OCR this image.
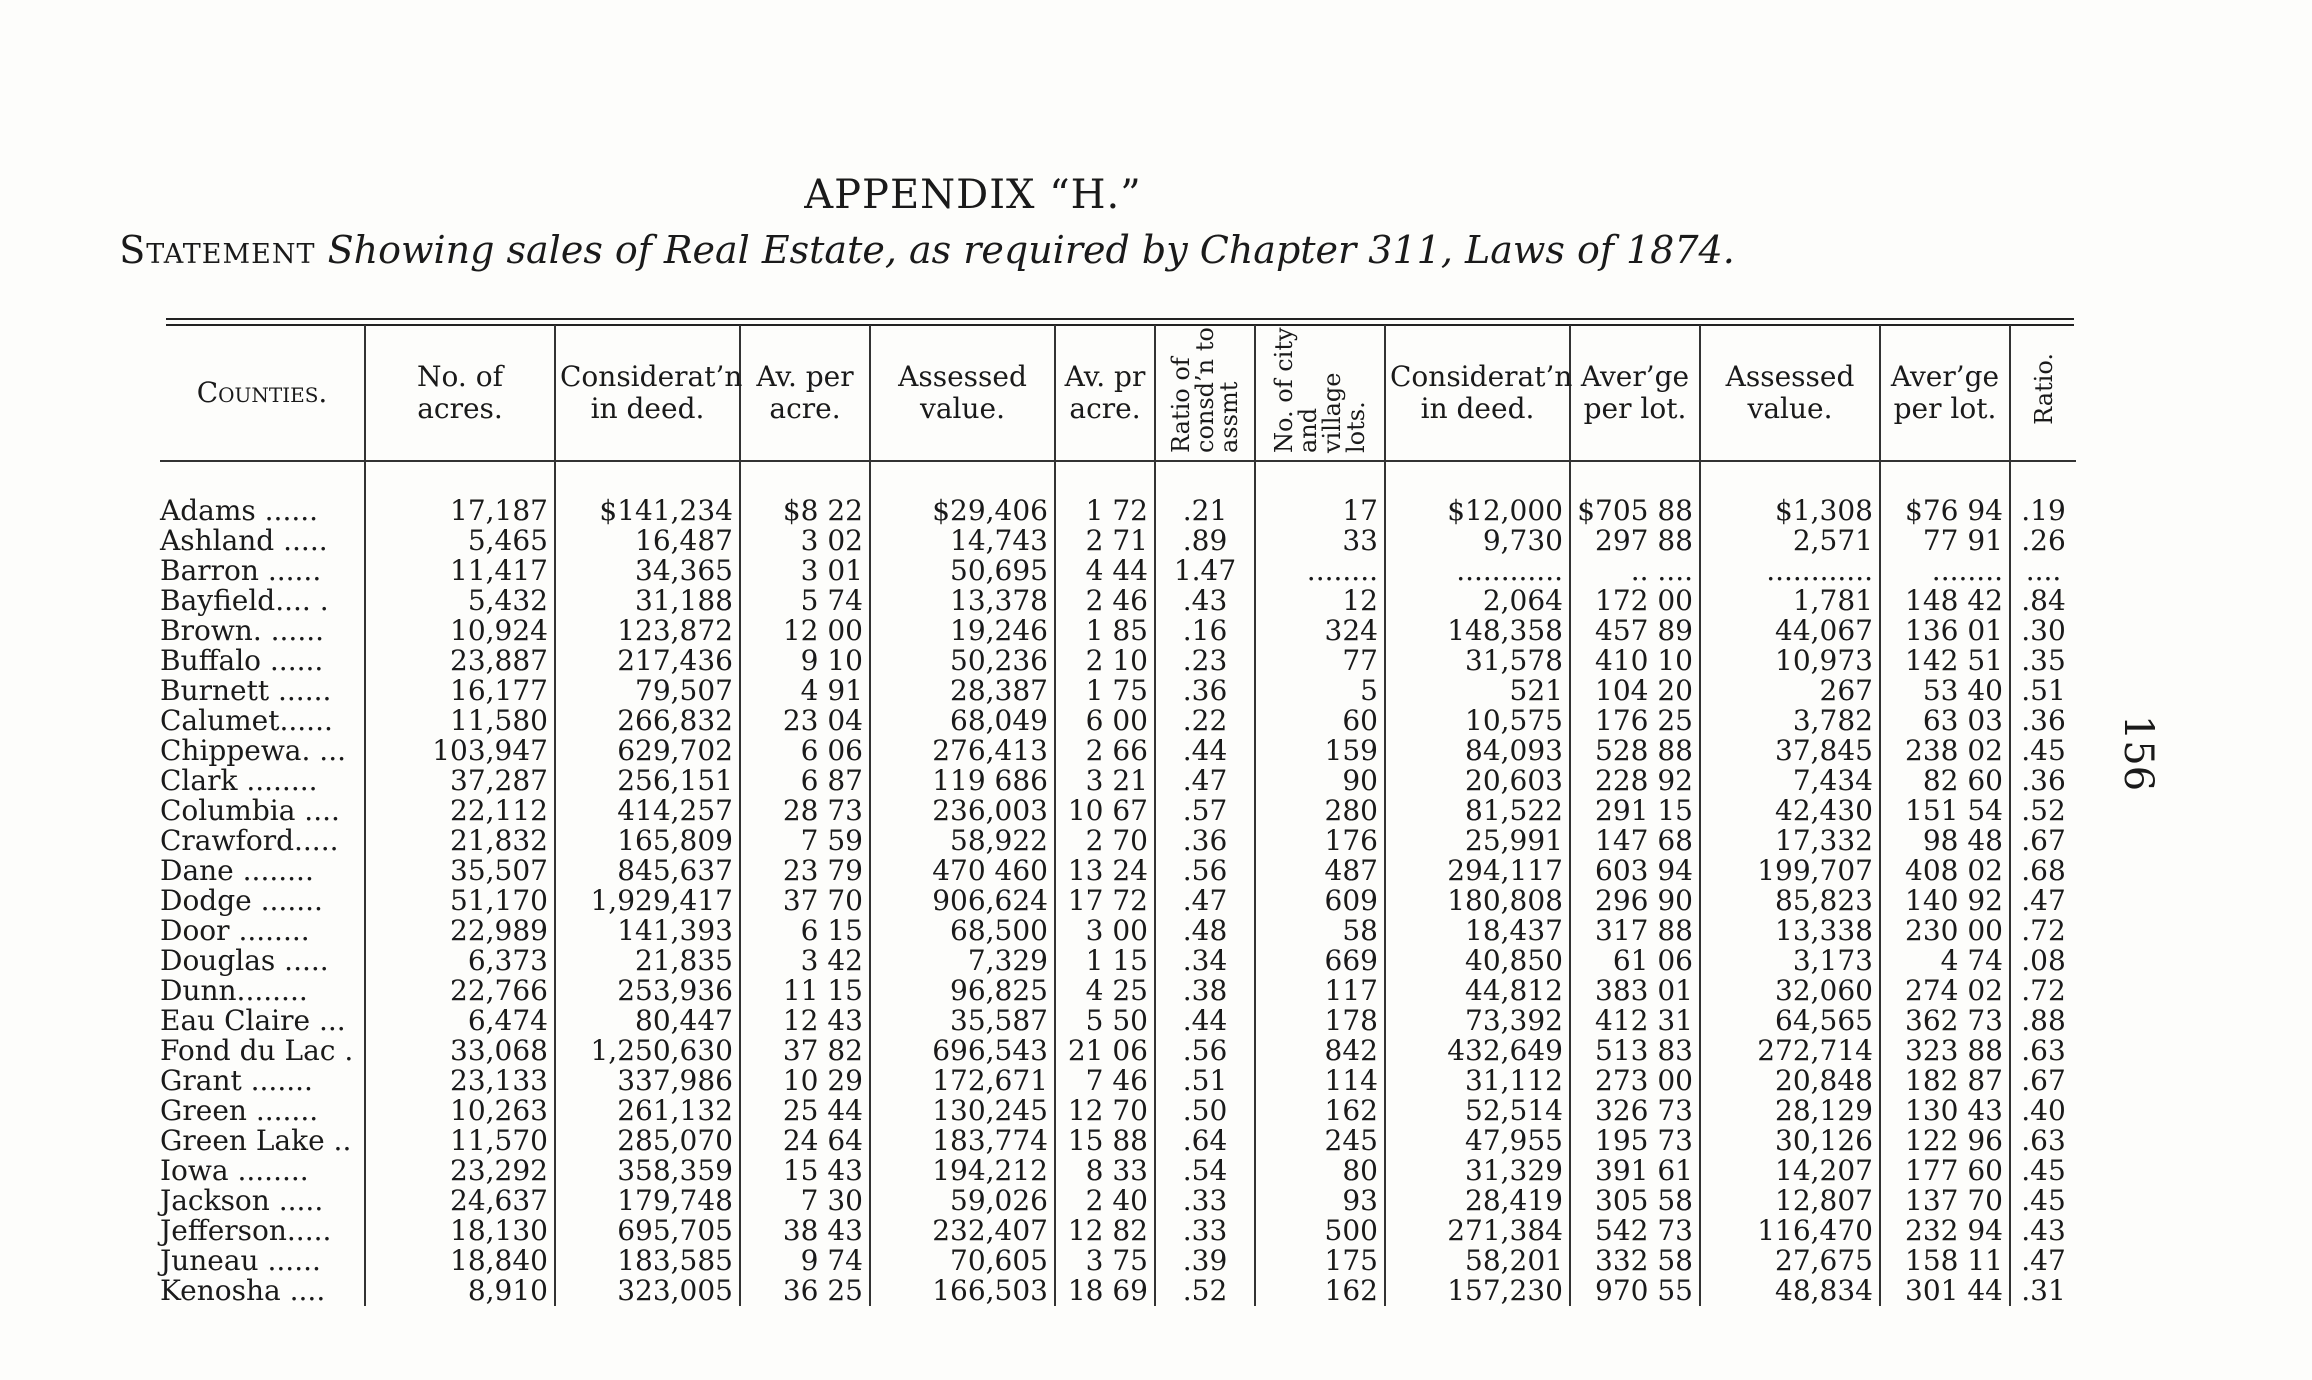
156
APPENDIX “H.”
Statement Showing sales of Real Estate, as required by Chapter 311, Laws of 1874.
Counties.	No. of acres.	Considerat’n in deed.	Av. per acre.	Assessed value.	Av. pr acre.	Ratio of consd’n to assmt	No. of city and village lots.	Considerat’n in deed.	Aver’ge per lot.	Assessed value.	Aver’ge per lot.	Ratio.

Adams ......	17,187	$141,234	$8 22	$29,406	1 72	.21	17	$12,000	$705 88	$1,308	$76 94	.19
Ashland .....	5,465	16,487	3 02	14,743	2 71	.89	33	9,730	297 88	2,571	77 91	.26
Barron ......	11,417	34,365	3 01	50,695	4 44	1.47	........	............	.. ....	............	........	....
Bayfield.... .	5,432	31,188	5 74	13,378	2 46	.43	12	2,064	172 00	1,781	148 42	.84
Brown. ......	10,924	123,872	12 00	19,246	1 85	.16	324	148,358	457 89	44,067	136 01	.30
Buffalo ......	23,887	217,436	9 10	50,236	2 10	.23	77	31,578	410 10	10,973	142 51	.35
Burnett ......	16,177	79,507	4 91	28,387	1 75	.36	5	521	104 20	267	53 40	.51
Calumet......	11,580	266,832	23 04	68,049	6 00	.22	60	10,575	176 25	3,782	63 03	.36
Chippewa. ...	103,947	629,702	6 06	276,413	2 66	.44	159	84,093	528 88	37,845	238 02	.45
Clark ........	37,287	256,151	6 87	119 686	3 21	.47	90	20,603	228 92	7,434	82 60	.36
Columbia ....	22,112	414,257	28 73	236,003	10 67	.57	280	81,522	291 15	42,430	151 54	.52
Crawford.....	21,832	165,809	7 59	58,922	2 70	.36	176	25,991	147 68	17,332	98 48	.67
Dane ........	35,507	845,637	23 79	470 460	13 24	.56	487	294,117	603 94	199,707	408 02	.68
Dodge .......	51,170	1,929,417	37 70	906,624	17 72	.47	609	180,808	296 90	85,823	140 92	.47
Door ........	22,989	141,393	6 15	68,500	3 00	.48	58	18,437	317 88	13,338	230 00	.72
Douglas .....	6,373	21,835	3 42	7,329	1 15	.34	669	40,850	61 06	3,173	4 74	.08
Dunn........	22,766	253,936	11 15	96,825	4 25	.38	117	44,812	383 01	32,060	274 02	.72
Eau Claire ...	6,474	80,447	12 43	35,587	5 50	.44	178	73,392	412 31	64,565	362 73	.88
Fond du Lac .	33,068	1,250,630	37 82	696,543	21 06	.56	842	432,649	513 83	272,714	323 88	.63
Grant .......	23,133	337,986	10 29	172,671	7 46	.51	114	31,112	273 00	20,848	182 87	.67
Green .......	10,263	261,132	25 44	130,245	12 70	.50	162	52,514	326 73	28,129	130 43	.40
Green Lake ..	11,570	285,070	24 64	183,774	15 88	.64	245	47,955	195 73	30,126	122 96	.63
Iowa ........	23,292	358,359	15 43	194,212	8 33	.54	80	31,329	391 61	14,207	177 60	.45
Jackson .....	24,637	179,748	7 30	59,026	2 40	.33	93	28,419	305 58	12,807	137 70	.45
Jefferson.....	18,130	695,705	38 43	232,407	12 82	.33	500	271,384	542 73	116,470	232 94	.43
Juneau ......	18,840	183,585	9 74	70,605	3 75	.39	175	58,201	332 58	27,675	158 11	.47
Kenosha ....	8,910	323,005	36 25	166,503	18 69	.52	162	157,230	970 55	48,834	301 44	.31
